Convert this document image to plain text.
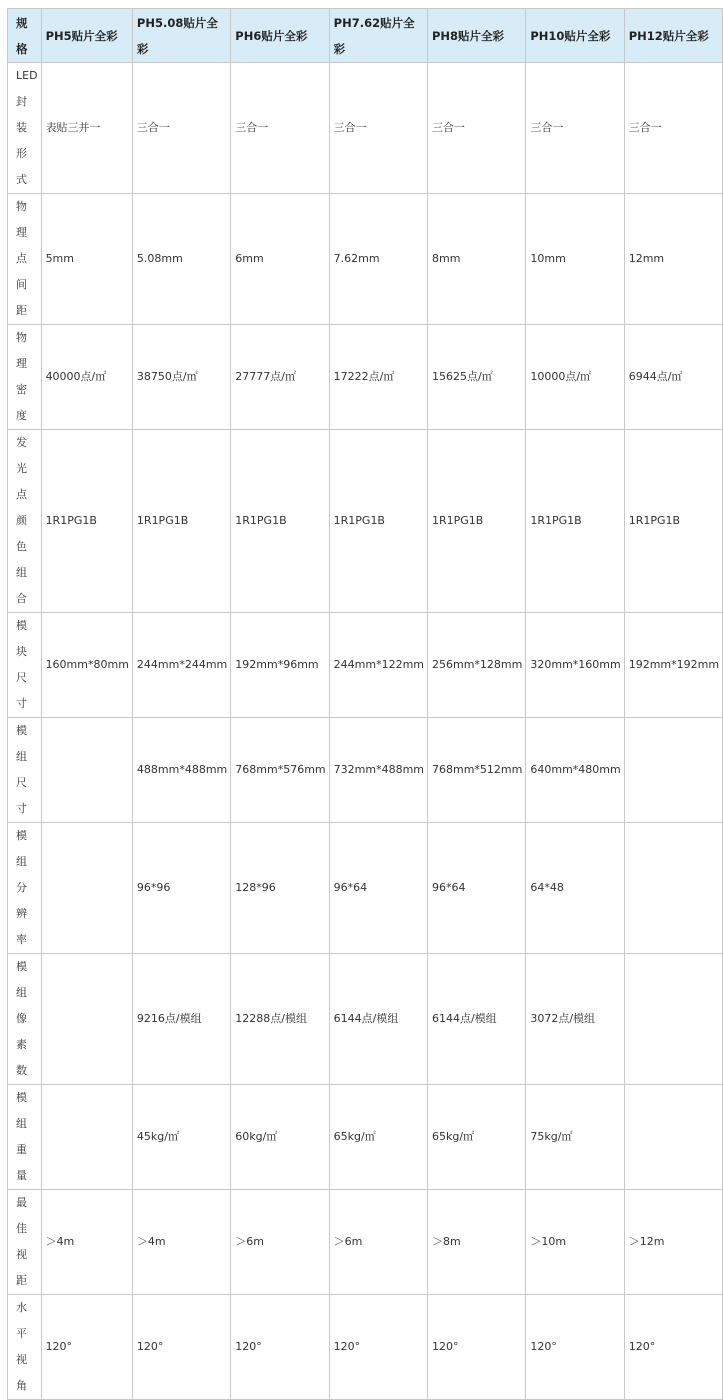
规格	PH5贴片全彩	PH5.08贴片全彩	PH6贴片全彩	PH7.62贴片全彩	PH8贴片全彩	PH10贴片全彩	PH12贴片全彩
LED 封装形式	表贴三并一	三合一	三合一	三合一	三合一	三合一	三合一
物理点间距	5mm	5.08mm	6mm	7.62mm	8mm	10mm	12mm
物理密度	40000点/㎡	38750点/㎡	27777点/㎡	17222点/㎡	15625点/㎡	10000点/㎡	6944点/㎡
发光点颜色组合	1R1PG1B	1R1PG1B	1R1PG1B	1R1PG1B	1R1PG1B	1R1PG1B	1R1PG1B
模块尺寸	160mm*80mm	244mm*244mm	192mm*96mm	244mm*122mm	256mm*128mm	320mm*160mm	192mm*192mm
模组尺寸		488mm*488mm	768mm*576mm	732mm*488mm	768mm*512mm	640mm*480mm	
模组分辨率		96*96	128*96	96*64	96*64	64*48	
模组像素数		9216点/模组	12288点/模组	6144点/模组	6144点/模组	3072点/模组	
模组重量		45kg/㎡	60kg/㎡	65kg/㎡	65kg/㎡	75kg/㎡	
最佳视距	＞4m	＞4m	＞6m	＞6m	＞8m	＞10m	＞12m
水平视角	120°	120°	120°	120°	120°	120°	120°
